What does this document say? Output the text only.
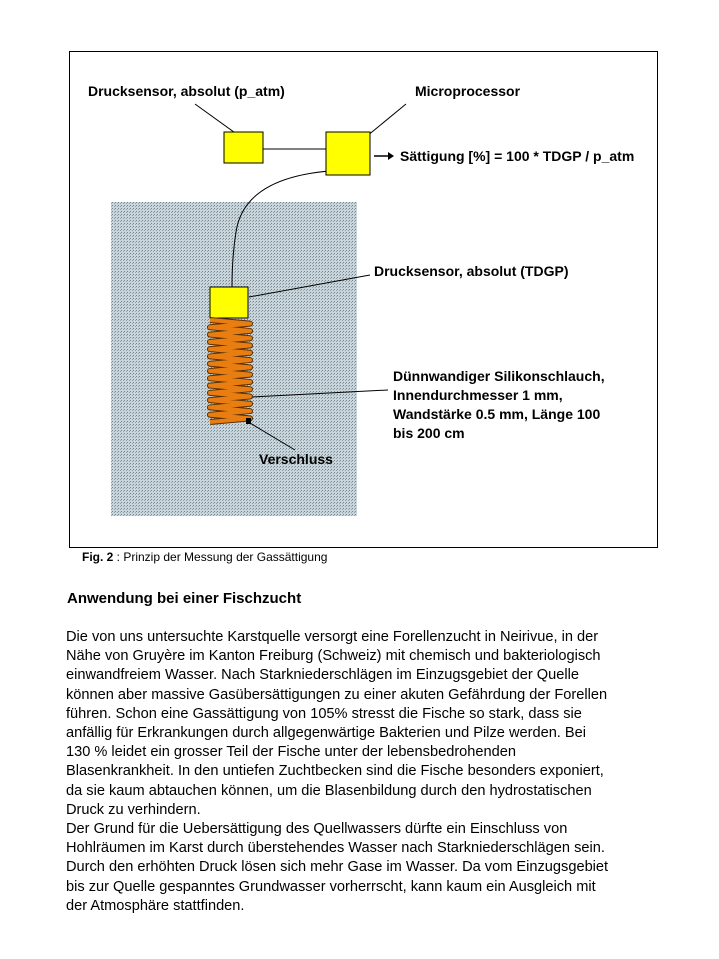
Drucksensor, absolut (p_atm)	Microprocessor
Sättigung [%] = 100 * TDGP / p_atm
Drucksensor, absolut (TDGP)
Dünnwandiger Silikonschlauch,
Innendurchmesser 1 mm,
Wandstärke 0.5 mm, Länge 100
bis 200 cm
Verschluss
Fig. 2 : Prinzip der Messung der Gassättigung
Anwendung bei einer Fischzucht

Die von uns untersuchte Karstquelle versorgt eine Forellenzucht in Neirivue, in der
Nähe von Gruyère im Kanton Freiburg (Schweiz) mit chemisch und bakteriologisch
einwandfreiem Wasser. Nach Starkniederschlägen im Einzugsgebiet der Quelle
können aber massive Gasübersättigungen zu einer akuten Gefährdung der Forellen
führen. Schon eine Gassättigung von 105% stresst die Fische so stark, dass sie
anfällig für Erkrankungen durch allgegenwärtige Bakterien und Pilze werden. Bei
130 % leidet ein grosser Teil der Fische unter der lebensbedrohenden
Blasenkrankheit. In den untiefen Zuchtbecken sind die Fische besonders exponiert,
da sie kaum abtauchen können, um die Blasenbildung durch den hydrostatischen
Druck zu verhindern.
Der Grund für die Uebersättigung des Quellwassers dürfte ein Einschluss von
Hohlräumen im Karst durch überstehendes Wasser nach Starkniederschlägen sein.
Durch den erhöhten Druck lösen sich mehr Gase im Wasser. Da vom Einzugsgebiet
bis zur Quelle gespanntes Grundwasser vorherrscht, kann kaum ein Ausgleich mit
der Atmosphäre stattfinden.
